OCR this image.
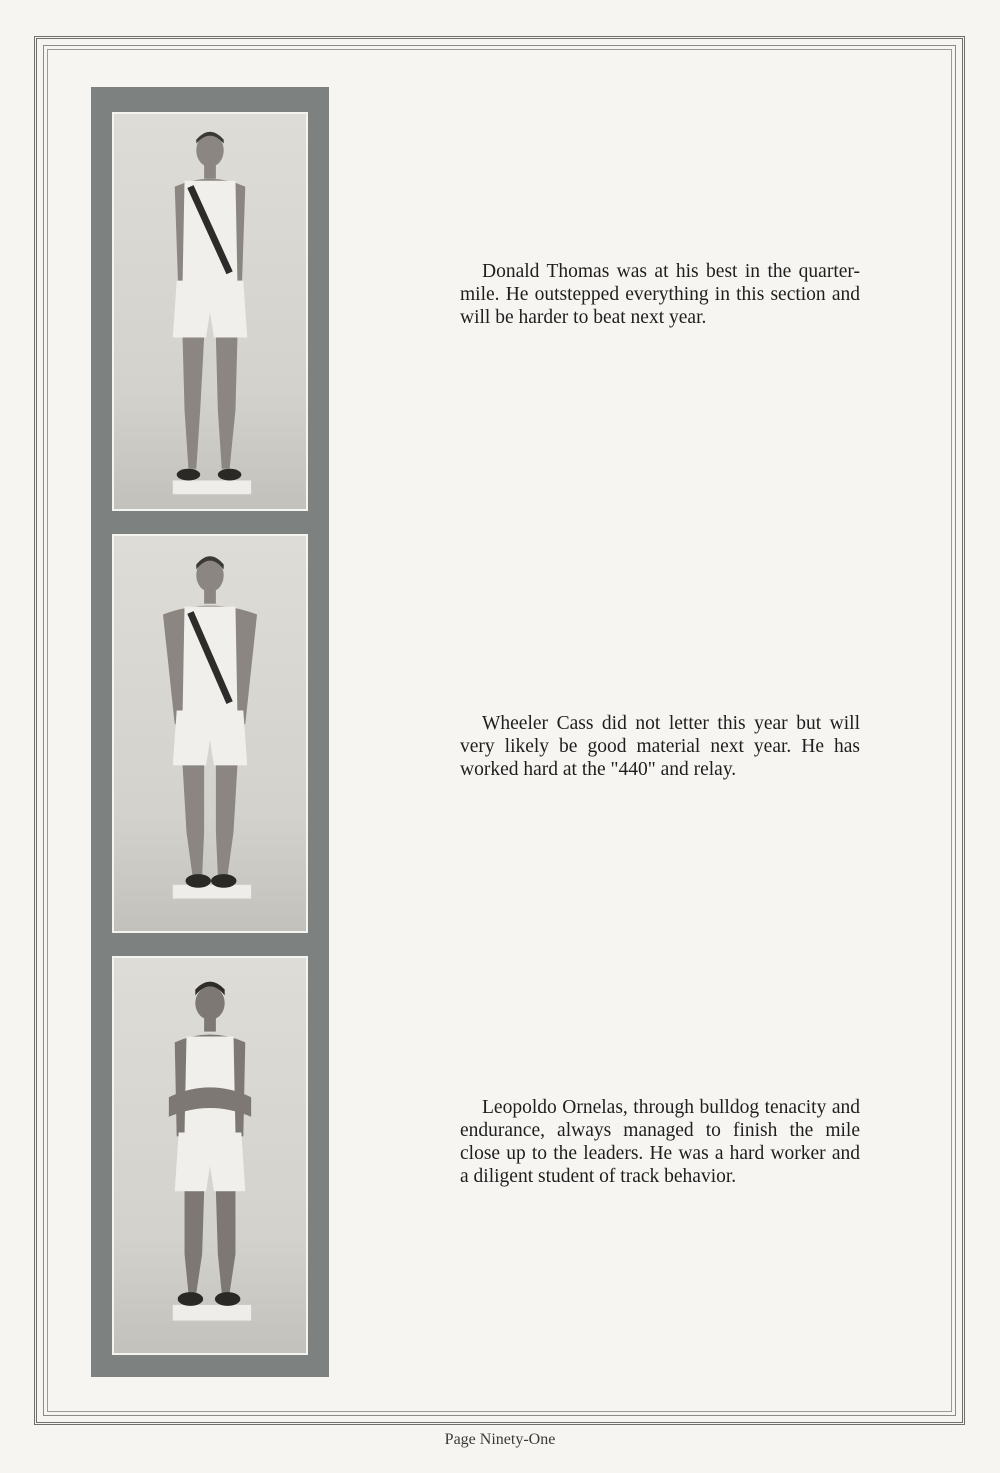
Donald Thomas was at his best in the quarter-mile. He outstepped everything in this section and will be harder to beat next year.

Wheeler Cass did not letter this year but will very likely be good material next year. He has worked hard at the "440" and relay.

Leopoldo Ornelas, through bulldog tenacity and endurance, always managed to finish the mile close up to the leaders. He was a hard worker and a diligent student of track behavior.

Page Ninety-One
